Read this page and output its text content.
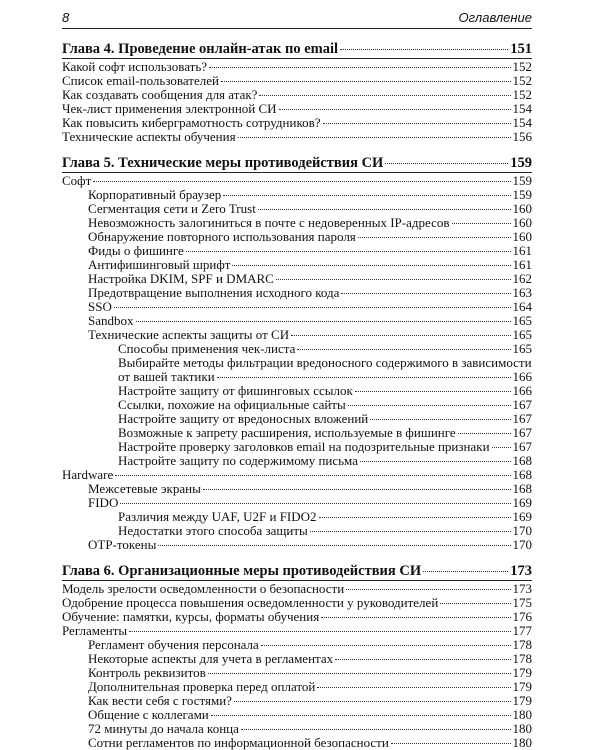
8	Оглавление
Глава 4. Проведение онлайн-атак по email	151
Какой софт использовать?	152
Список email-пользователей	152
Как создавать сообщения для атак?	152
Чек-лист применения электронной СИ	154
Как повысить киберграмотность сотрудников?	154
Технические аспекты обучения	156
Глава 5. Технические меры противодействия СИ	159
Софт	159
Корпоративный браузер	159
Сегментация сети и Zero Trust	160
Невозможность залогиниться в почте с недоверенных IP-адресов	160
Обнаружение повторного использования пароля	160
Фиды о фишинге	161
Антифишинговый шрифт	161
Настройка DKIM, SPF и DMARC	162
Предотвращение выполнения исходного кода	163
SSO	164
Sandbox	165
Технические аспекты защиты от СИ	165
Способы применения чек-листа	165
Выбирайте методы фильтрации вредоносного содержимого в зависимости
от вашей тактики	166
Настройте защиту от фишинговых ссылок	166
Ссылки, похожие на официальные сайты	167
Настройте защиту от вредоносных вложений	167
Возможные к запрету расширения, используемые в фишинге	167
Настройте проверку заголовков email на подозрительные признаки 167
Настройте защиту по содержимому письма	168
Hardware	168
Межсетевые экраны	168
FIDO	169
Различия между UAF, U2F и FIDO2	169
Недостатки этого способа защиты	170
OTP-токены	170
Глава 6. Организационные меры противодействия СИ	173
Модель зрелости осведомленности о безопасности	173
Одобрение процесса повышения осведомленности у руководителей	175
Обучение: памятки, курсы, форматы обучения	176
Регламенты	177
Регламент обучения персонала	178
Некоторые аспекты для учета в регламентах	178
Контроль реквизитов	179
Дополнительная проверка перед оплатой	179
Как вести себя с гостями?	179
Общение с коллегами	180
72 минуты до начала конца	180
Сотни регламентов по информационной безопасности	180
